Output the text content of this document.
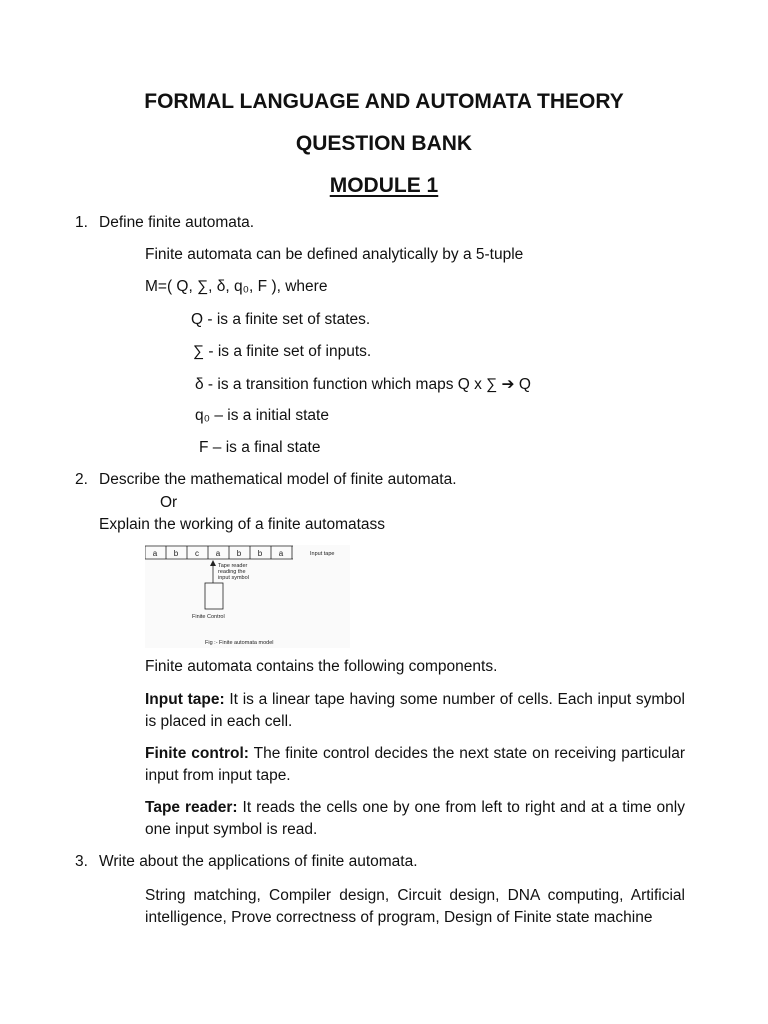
FORMAL LANGUAGE AND AUTOMATA THEORY
QUESTION BANK
MODULE 1
1. Define finite automata.
Finite automata can be defined analytically by a 5-tuple
M=( Q, ∑, δ, q₀, F ), where
Q - is a finite set of states.
∑ - is a finite set of inputs.
δ - is a transition function which maps Q x ∑ ➔ Q
q₀ – is a initial state
F – is a final state
2. Describe the mathematical model of finite automata.
Or
Explain the working of a finite automatass
a b c a b b a	Input tape
Tape reader
reading the
input symbol
Finite Control
Fig :- Finite automata model
Finite automata contains the following components.
Input tape: It is a linear tape having some number of cells. Each input symbol is placed in each cell.
Finite control: The finite control decides the next state on receiving particular input from input tape.
Tape reader: It reads the cells one by one from left to right and at a time only one input symbol is read.
3. Write about the applications of finite automata.
String matching, Compiler design, Circuit design, DNA computing, Artificial intelligence, Prove correctness of program, Design of Finite state machine
